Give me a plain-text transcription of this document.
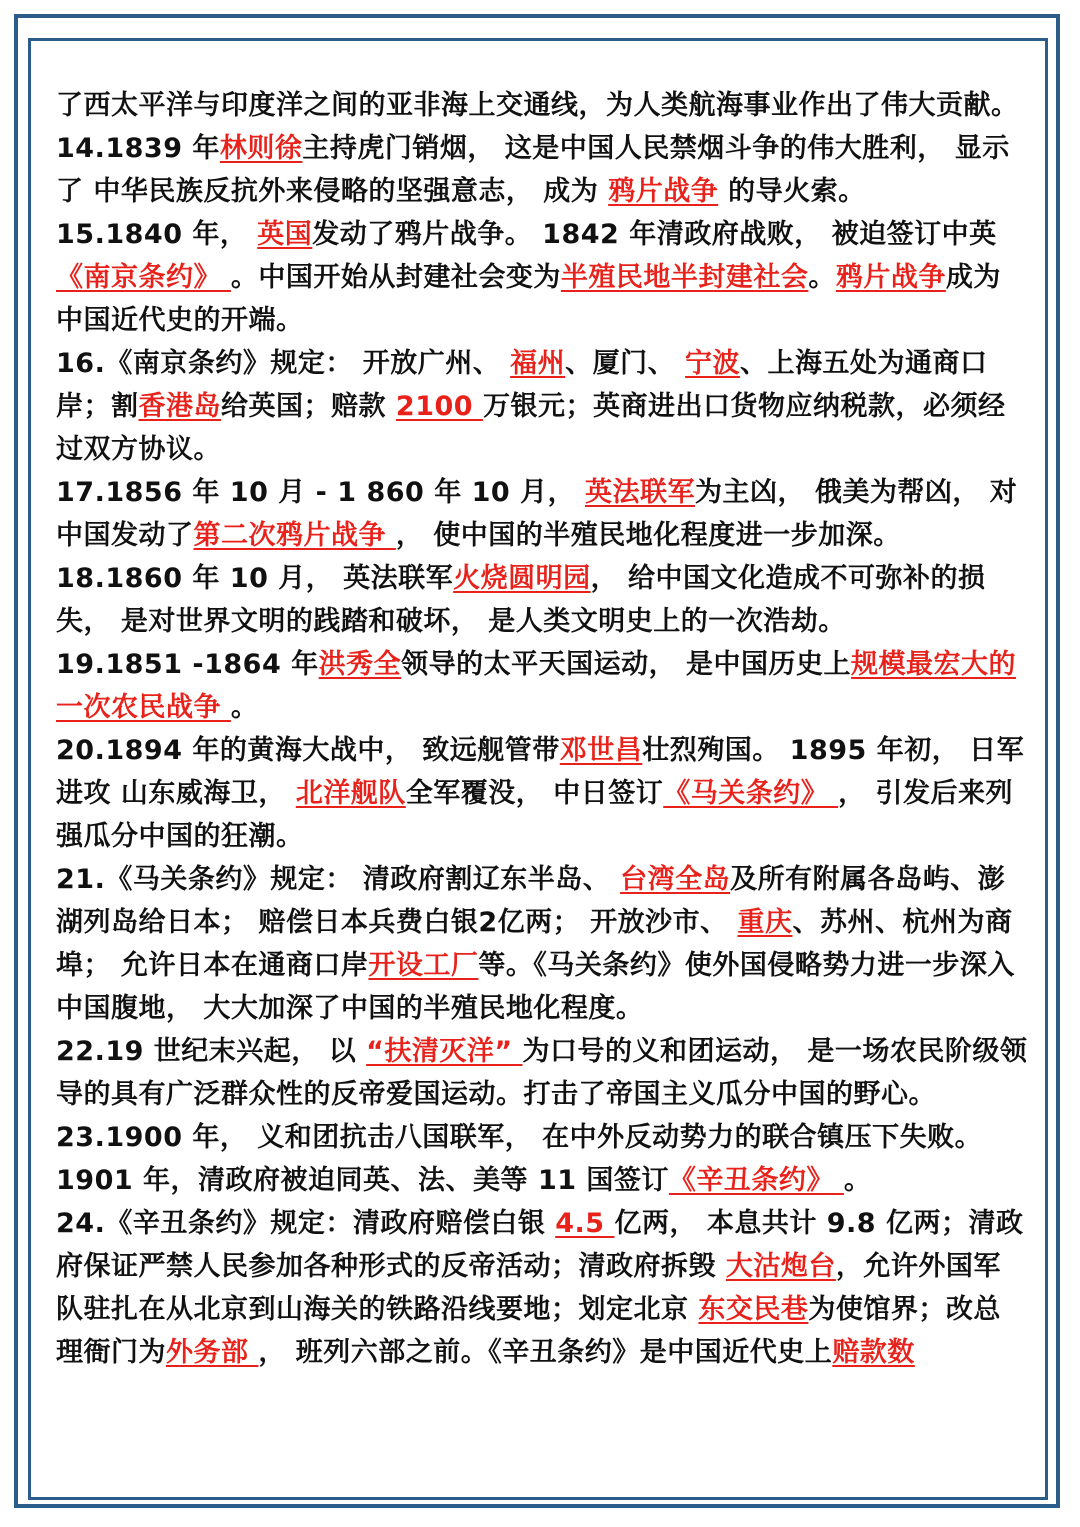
了西太平洋与印度洋之间的亚非海上交通线，为人类航海事业作出了伟大贡献。

14.1839 年林则徐主持虎门销烟， 这是中国人民禁烟斗争的伟大胜利， 显示了 中华民族反抗外来侵略的坚强意志， 成为 鸦片战争 的导火索。

15.1840 年， 英国发动了鸦片战争。 1842 年清政府战败， 被迫签订中英《南京条约》 。中国开始从封建社会变为半殖民地半封建社会。鸦片战争成为中国近代史的开端。

16.《南京条约》规定： 开放广州、 福州、厦门、 宁波、上海五处为通商口岸；割香港岛给英国；赔款 2100 万银元；英商进出口货物应纳税款，必须经过双方协议。

17.1856 年 10 月 - 1 860 年 10 月， 英法联军为主凶， 俄美为帮凶， 对中国发动了第二次鸦片战争 ， 使中国的半殖民地化程度进一步加深。

18.1860 年 10 月， 英法联军火烧圆明园， 给中国文化造成不可弥补的损失， 是对世界文明的践踏和破坏， 是人类文明史上的一次浩劫。

19.1851 -1864 年洪秀全领导的太平天国运动， 是中国历史上规模最宏大的一次农民战争 。

20.1894 年的黄海大战中， 致远舰管带邓世昌壮烈殉国。 1895 年初， 日军进攻 山东威海卫， 北洋舰队全军覆没， 中日签订《马关条约》 ， 引发后来列强瓜分中国的狂潮。

21.《马关条约》规定： 清政府割辽东半岛、 台湾全岛及所有附属各岛屿、澎湖列岛给日本； 赔偿日本兵费白银2亿两； 开放沙市、 重庆、苏州、杭州为商埠； 允许日本在通商口岸开设工厂等。《马关条约》使外国侵略势力进一步深入中国腹地， 大大加深了中国的半殖民地化程度。

22.19 世纪末兴起， 以 “扶清灭洋” 为口号的义和团运动， 是一场农民阶级领导的具有广泛群众性的反帝爱国运动。打击了帝国主义瓜分中国的野心。

23.1900 年， 义和团抗击八国联军， 在中外反动势力的联合镇压下失败。 1901 年，清政府被迫同英、法、美等 11 国签订《辛丑条约》 。

24.《辛丑条约》规定：清政府赔偿白银 4.5 亿两， 本息共计 9.8 亿两；清政府保证严禁人民参加各种形式的反帝活动；清政府拆毁 大沽炮台，允许外国军队驻扎在从北京到山海关的铁路沿线要地；划定北京 东交民巷为使馆界；改总理衙门为外务部 ， 班列六部之前。《辛丑条约》是中国近代史上赔款数
